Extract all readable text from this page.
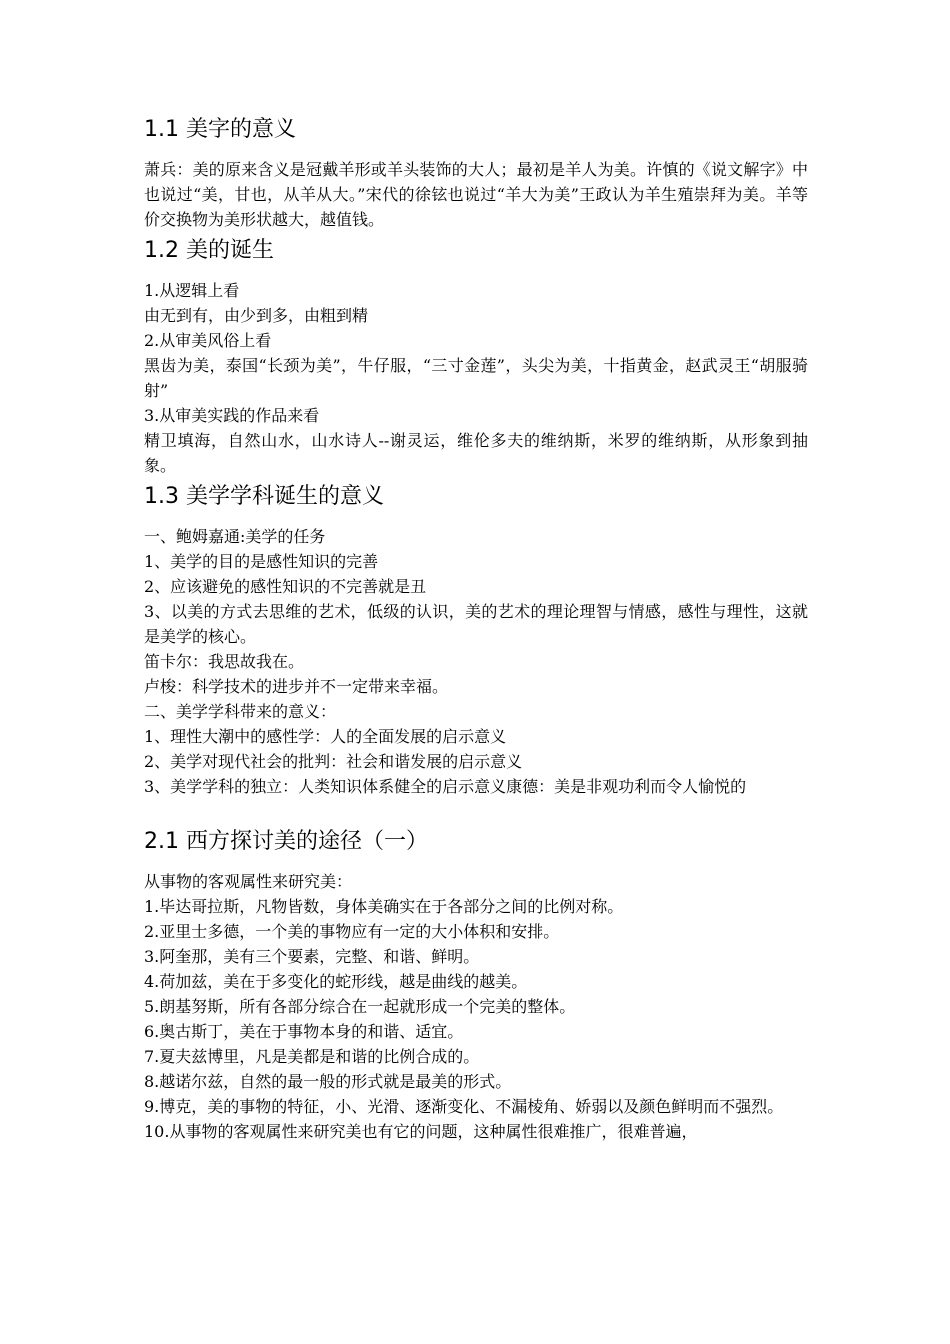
1.1 美字的意义

萧兵：美的原来含义是冠戴羊形或羊头装饰的大人；最初是羊人为美。许慎的《说文解字》中也说过“美，甘也，从羊从大。”宋代的徐铉也说过“羊大为美”王政认为羊生殖崇拜为美。羊等价交换物为美形状越大，越值钱。

1.2 美的诞生

1.从逻辑上看

由无到有，由少到多，由粗到精

2.从审美风俗上看

黑齿为美，泰国“长颈为美”，牛仔服，“三寸金莲”，头尖为美，十指黄金，赵武灵王“胡服骑射”

3.从审美实践的作品来看

精卫填海，自然山水，山水诗人--谢灵运，维伦多夫的维纳斯，米罗的维纳斯，从形象到抽象。

1.3 美学学科诞生的意义

一、鲍姆嘉通:美学的任务

1、美学的目的是感性知识的完善

2、应该避免的感性知识的不完善就是丑

3、以美的方式去思维的艺术，低级的认识，美的艺术的理论理智与情感，感性与理性，这就是美学的核心。

笛卡尔：我思故我在。

卢梭：科学技术的进步并不一定带来幸福。

二、美学学科带来的意义：

1、理性大潮中的感性学：人的全面发展的启示意义

2、美学对现代社会的批判：社会和谐发展的启示意义

3、美学学科的独立：人类知识体系健全的启示意义康德：美是非观功利而令人愉悦的

2.1 西方探讨美的途径（一）

从事物的客观属性来研究美：

1.毕达哥拉斯，凡物皆数，身体美确实在于各部分之间的比例对称。

2.亚里士多德，一个美的事物应有一定的大小体积和安排。

3.阿奎那，美有三个要素，完整、和谐、鲜明。

4.荷加兹，美在于多变化的蛇形线，越是曲线的越美。

5.朗基努斯，所有各部分综合在一起就形成一个完美的整体。

6.奥古斯丁，美在于事物本身的和谐、适宜。

7.夏夫兹博里，凡是美都是和谐的比例合成的。

8.越诺尔兹，自然的最一般的形式就是最美的形式。

9.博克，美的事物的特征，小、光滑、逐渐变化、不漏棱角、娇弱以及颜色鲜明而不强烈。

10.从事物的客观属性来研究美也有它的问题，这种属性很难推广，很难普遍，
